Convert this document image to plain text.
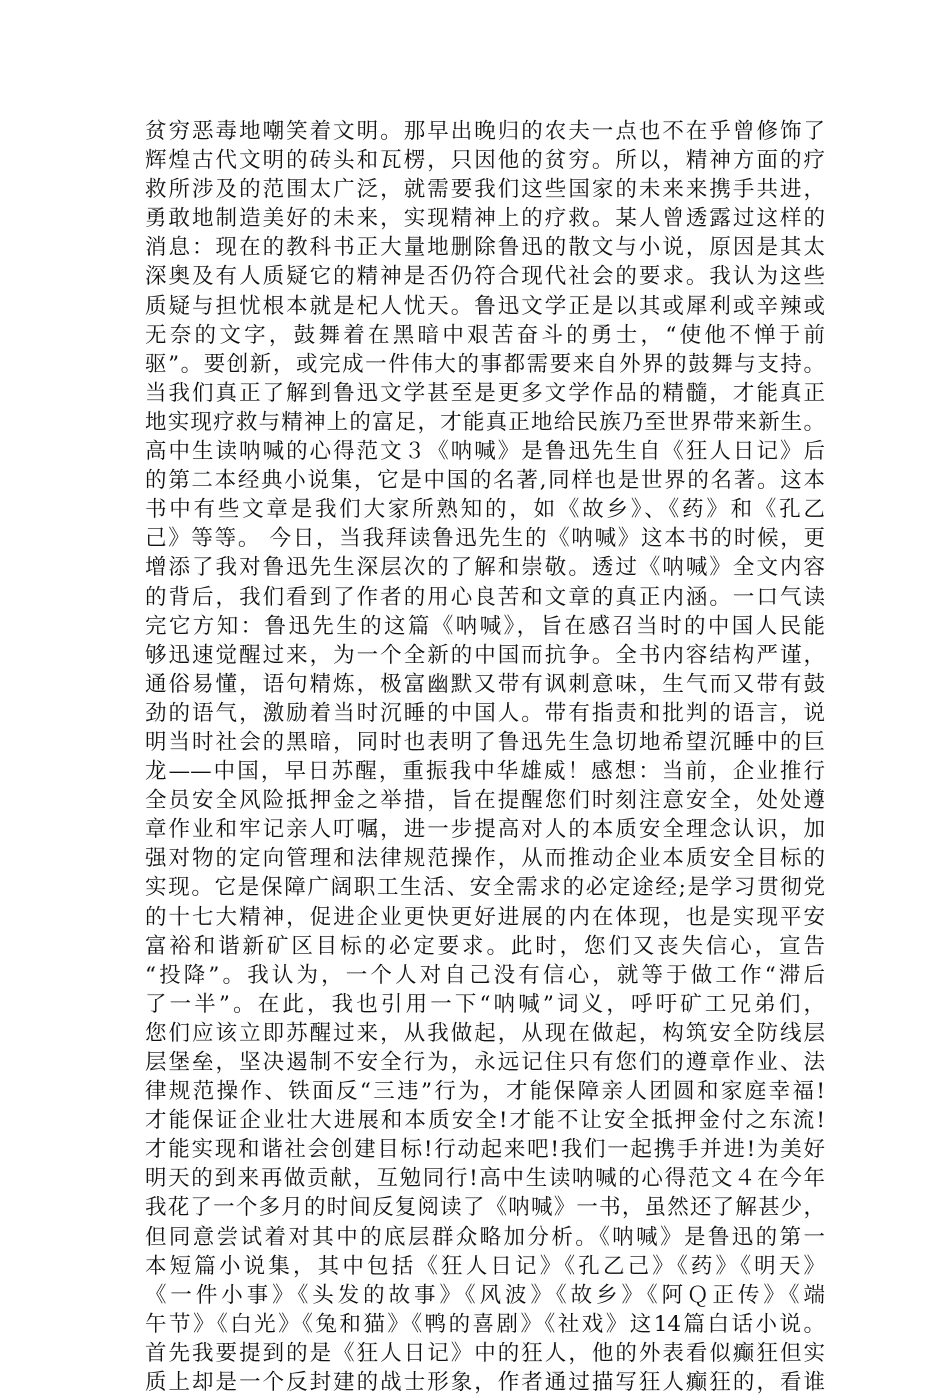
贫穷恶毒地嘲笑着文明。那早出晚归的农夫一点也不在乎曾修饰了
辉煌古代文明的砖头和瓦楞，只因他的贫穷。所以，精神方面的疗
救所涉及的范围太广泛，就需要我们这些国家的未来来携手共进，
勇敢地制造美好的未来，实现精神上的疗救。某人曾透露过这样的
消息：现在的教科书正大量地删除鲁迅的散文与小说，原因是其太
深奥及有人质疑它的精神是否仍符合现代社会的要求。我认为这些
质疑与担忧根本就是杞人忧天。鲁迅文学正是以其或犀利或辛辣或
无奈的文字，鼓舞着在黑暗中艰苦奋斗的勇士，“使他不惮于前
驱”。要创新，或完成一件伟大的事都需要来自外界的鼓舞与支持。
当我们真正了解到鲁迅文学甚至是更多文学作品的精髓，才能真正
地实现疗救与精神上的富足，才能真正地给民族乃至世界带来新生。
高中生读呐喊的心得范文３《呐喊》是鲁迅先生自《狂人日记》后
的第二本经典小说集，它是中国的名著,同样也是世界的名著。这本
书中有些文章是我们大家所熟知的，如《故乡》、《药》和《孔乙
己》等等。 今日，当我拜读鲁迅先生的《呐喊》这本书的时候，更
增添了我对鲁迅先生深层次的了解和崇敬。透过《呐喊》全文内容
的背后，我们看到了作者的用心良苦和文章的真正内涵。一口气读
完它方知：鲁迅先生的这篇《呐喊》，旨在感召当时的中国人民能
够迅速觉醒过来，为一个全新的中国而抗争。全书内容结构严谨，
通俗易懂，语句精炼，极富幽默又带有讽刺意味，生气而又带有鼓
劲的语气，激励着当时沉睡的中国人。带有指责和批判的语言，说
明当时社会的黑暗，同时也表明了鲁迅先生急切地希望沉睡中的巨
龙——中国，早日苏醒，重振我中华雄威！感想：当前，企业推行
全员安全风险抵押金之举措，旨在提醒您们时刻注意安全，处处遵
章作业和牢记亲人叮嘱，进一步提高对人的本质安全理念认识，加
强对物的定向管理和法律规范操作，从而推动企业本质安全目标的
实现。它是保障广阔职工生活、安全需求的必定途经;是学习贯彻党
的十七大精神，促进企业更快更好进展的内在体现，也是实现平安
富裕和谐新矿区目标的必定要求。此时，您们又丧失信心，宣告
“投降”。我认为，一个人对自己没有信心，就等于做工作“滞后
了一半”。在此，我也引用一下“呐喊”词义，呼吁矿工兄弟们，
您们应该立即苏醒过来，从我做起，从现在做起，构筑安全防线层
层堡垒，坚决遏制不安全行为，永远记住只有您们的遵章作业、法
律规范操作、铁面反“三违”行为，才能保障亲人团圆和家庭幸福!
才能保证企业壮大进展和本质安全!才能不让安全抵押金付之东流!
才能实现和谐社会创建目标!行动起来吧!我们一起携手并进!为美好
明天的到来再做贡献，互勉同行!高中生读呐喊的心得范文４在今年
我花了一个多月的时间反复阅读了《呐喊》一书，虽然还了解甚少，
但同意尝试着对其中的底层群众略加分析。《呐喊》是鲁迅的第一
本短篇小说集，其中包括《狂人日记》《孔乙己》《药》《明天》
《一件小事》《头发的故事》《风波》《故乡》《阿Ｑ正传》《端
午节》《白光》《兔和猫》《鸭的喜剧》《社戏》这14篇白话小说。
首先我要提到的是《狂人日记》中的狂人，他的外表看似癫狂但实
质上却是一个反封建的战士形象，作者通过描写狂人癫狂的，看谁
